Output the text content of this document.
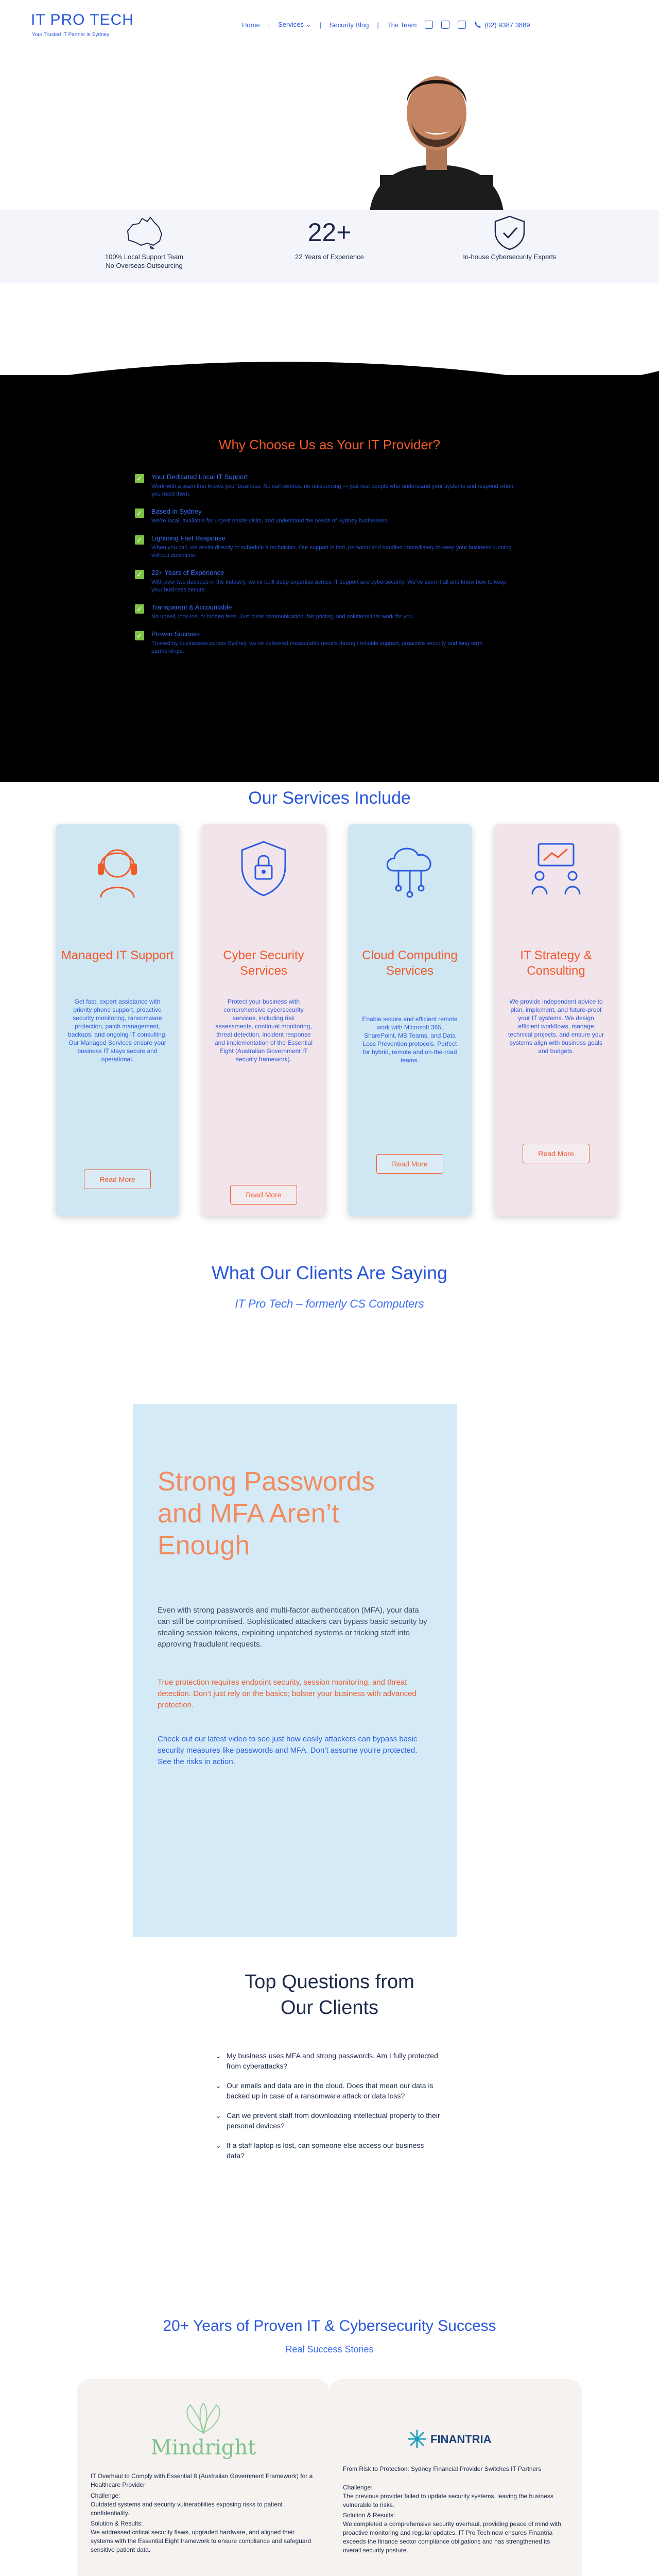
IT PRO TECH
Your Trusted IT Partner in Sydney
Home | Services ⌄ | Security Blog | The Team	(02) 9387 3889
100% Local Support Team
No Overseas Outsourcing
22+
22 Years of Experience	In-house Cybersecurity Experts
Why Choose Us as Your IT Provider?
✓ Your Dedicated Local IT Support

Work with a team that knows your business. No call centres, no outsourcing — just real people who understand your systems and respond when you need them.

✓ Based in Sydney

We’re local, available for urgent onsite visits, and understand the needs of Sydney businesses.

✓ Lightning Fast Response

When you call, we assist directly or schedule a technician. Our support is fast, personal and handled immediately to keep your business running without downtime.

✓ 22+ Years of Experience

With over two decades in the industry, we’ve built deep expertise across IT support and cybersecurity. We’ve seen it all and know how to keep your business secure.

✓ Transparent & Accountable

No upsell, lock-ins, or hidden fees. Just clear communication, fair pricing, and solutions that work for you.

✓ Proven Success

Trusted by businesses across Sydney, we’ve delivered measurable results through reliable support, proactive security and long-term partnerships.

Our Services Include
Managed IT Support

Get fast, expert assistance with priority phone support, proactive security monitoring, ransomware protection, patch management, backups, and ongoing IT consulting. Our Managed Services ensure your business IT stays secure and operational.

Read More
Cyber Security Services

Protect your business with comprehensive cybersecurity services, including risk assessments, continual monitoring, threat detection, incident response and implementation of the Essential Eight (Australian Government IT security framework).

Read More
Cloud Computing Services

Enable secure and efficient remote work with Microsoft 365, SharePoint, MS Teams, and Data Loss Prevention protocols. Perfect for hybrid, remote and on-the-road teams.

Read More
IT Strategy & Consulting

We provide independent advice to plan, implement, and future-proof your IT systems. We design efficient workflows, manage technical projects, and ensure your systems align with business goals and budgets.

Read More
What Our Clients Are Saying
IT Pro Tech – formerly CS Computers
Strong Passwords and MFA Aren’t Enough
Even with strong passwords and multi-factor authentication (MFA), your data can still be compromised. Sophisticated attackers can bypass basic security by stealing session tokens, exploiting unpatched systems or tricking staff into approving fraudulent requests.
True protection requires endpoint security, session monitoring, and threat detection. Don’t just rely on the basics; bolster your business with advanced protection.
Check out our latest video to see just how easily attackers can bypass basic security measures like passwords and MFA. Don’t assume you’re protected. See the risks in action.
Top Questions from Our Clients
⌄ My business uses MFA and strong passwords. Am I fully protected from cyberattacks?
⌄ Our emails and data are in the cloud. Does that mean our data is backed up in case of a ransomware attack or data loss?
⌄ Can we prevent staff from downloading intellectual property to their personal devices?
⌄ If a staff laptop is lost, can someone else access our business data?
20+ Years of Proven IT & Cybersecurity Success
Real Success Stories
Mindright
IT Overhaul to Comply with Essential 8 (Australian Government Framework) for a Healthcare Provider
Challenge:
Outdated systems and security vulnerabilities exposing risks to patient confidentiality.
Solution & Results:
We addressed critical security flaws, upgraded hardware, and aligned their systems with the Essential Eight framework to ensure compliance and safeguard sensitive patient data.
FINANTRIA
From Risk to Protection: Sydney Financial Provider Switches IT Partners
Challenge:
The previous provider failed to update security systems, leaving the business vulnerable to risks.
Solution & Results:
We completed a comprehensive security overhaul, providing peace of mind with proactive monitoring and regular updates. IT Pro Tech now ensures Finantria exceeds the finance sector compliance obligations and has strengthened its overall security posture.
